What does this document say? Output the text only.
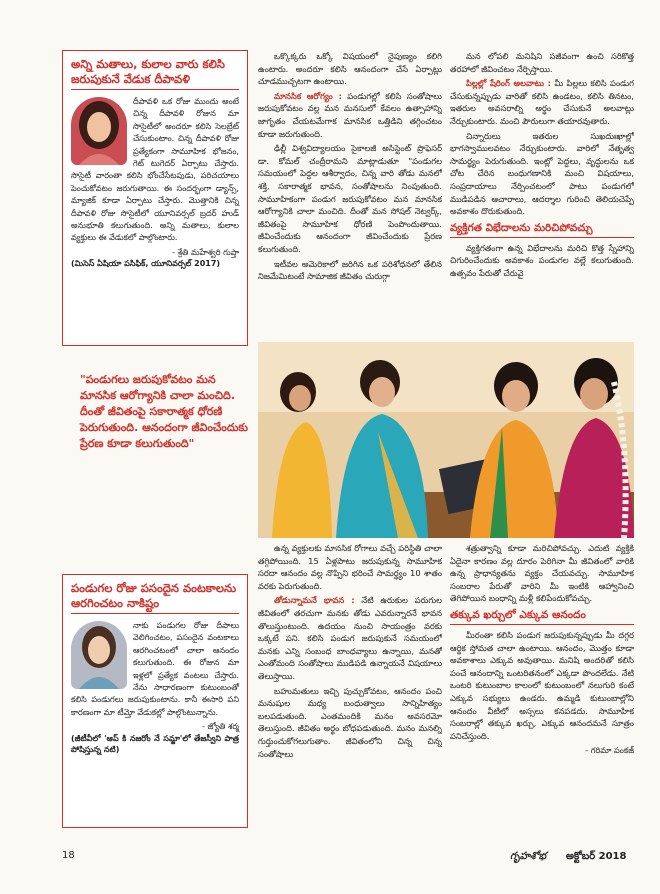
అన్ని మతాలు, కులాల వారు కలిసి జరుపుకునే వేడుక దీపావళి

దీపావళి ఒక రోజు ముందు అంటే చిన్న దీపావళి రోజున మా సొసైటీలో అందరూ కలిసి సెలబ్రేట్ చేసుకుంటాం. చిన్న దీపావళి రోజు ప్రత్యేకంగా సామూహిక భోజనం, గెట్ టుగెదర్ ఏర్పాటు చేస్తారు. సొసైటీ వారంతా కలిసి భోంచేసేటపుడు, పరిచయాలు పెంచుకోవటం జరుగుతాయి. ఈ సందర్భంగా డ్యాన్స్, మ్యాజిక్ కూడా ఏర్పాటు చేస్తారు. మొత్తానికి చిన్న దీపావళి రోజు సొసైటీలో యూనివర్సల్ బ్రదర్ హుడ్ అనుభూతి కలుగుతుంది. అన్ని మతాలు, కులాల వ్యక్తులు ఈ వేడుకలో పాల్గొంటారు.

- శ్రేతి మహేశ్వరి గుప్తా
(మిసెస్ ఏషియా పసిఫిక్, యూనివర్సల్ 2017)
"పండుగలు జరుపుకోవటం మన మానసిక ఆరోగ్యానికి చాలా మంచిది. దీంతో జీవితంపై సకారాత్మక ధోరణి పెరుగుతుంది. ఆనందంగా జీవించేందుకు ప్రేరణ కూడా కలుగుతుంది"
పండుగల రోజు పసందైన వంటకాలను ఆరగించటం నాకిష్టం

నాకు పండుగల రోజు దీపాలు వెలిగించటం, పసందైన వంటకాలు ఆరగించటంలో చాలా ఆనందం కలుగుతుంది. ఈ రోజున మా ఇళ్లలో ప్రత్యేక వంటలు చేస్తారు. నేను సాధారణంగా కుటుంబంతో కలిసి పండుగలు జరుపుకుంటాను. కానీ ఈసారి పని కారణంగా మా టీమ్తో వేడుకల్లో పాల్గొంటున్నాను.

- జ్యోతి శర్మ
(జీటీవీలో 'ఆప్ కి నజరోం నే సమ్జా'లో తేజస్వీని పాత్ర పోషిస్తున్న నటి)

ఒక్కొక్కరు ఒక్కో విషయంలో నైపుణ్యం కలిగి ఉంటారు. అందరూ కలిసి ఆనందంగా చేసే ఏర్పాట్లు చూడముచ్చటగా ఉంటాయి.

మానసిక ఆరోగ్యం : పండుగల్లో కలిసి సంతోషాలు జరుపుకోవటం వల్ల మన మనసులో కేవలం ఉత్సాహాన్ని జాగృతం చేయటమేగాక మానసిక ఒత్తిడిని తగ్గించటం కూడా జరుగుతుంది.

ఢిల్లీ విశ్వవిద్యాలయం సైకాలజీ అసిస్టెంట్ ప్రొఫెసర్ డా. కోమల్ చంద్రీరామని మాట్లాడుతూ "పండుగల సమయంలో పెద్దల ఆశీర్వాదం, చిన్న వారి తోడు మనలో శక్తి, సకారాత్మక భావన, సంతోషాలను నింపుతుంది. సామూహికంగా పండుగ జరుపుకోవటం మన మానసిక ఆరోగ్యానికి చాలా మంచిది. దీంతో మన సోషల్ నెట్వర్క్, జీవితంపై సామూహిక ధోరణి పెంపొందుతాయి. జీవించేందుకు ఆనందంగా జీవించేందుకు ప్రేరణ కలుగుతుంది.

ఇటీవల అమెరికాలో జరిగిన ఒక పరిశోధనలో తేలిన నిజమేమిటంటే సామాజిక జీవితం చురుగ్గా

మన లోపలి మనిషిని సజీవంగా ఉంచి సరికొత్త తరహాలో జీవించటం నేర్పిస్తాయి.

పిల్లల్లో షేరింగ్ అలవాటు : మీ పిల్లలు కలిసి పండుగ చేసుకున్నప్పుడు వారితో కలిసి ఉండటం, కలిసి తినటం, ఇతరుల అవసరాల్ని అర్థం చేసుకునే అలవాట్లు నేర్చుకుంటారు. మంచి పౌరులుగా తయారవుతారు.

చిన్నారులు ఇతరుల సుఖదుఃఖాల్లో భాగస్వాములవటం నేర్చుకుంటారు. వారిలో నేతృత్వ సామర్థ్యం పెరుగుతుంది. ఇంట్లో పెద్దలు, వృద్ధులను ఒక చోట చేరిన బంధుగణానికి మంచి విషయాలు, సంప్రదాయాలు నేర్పించటంలో పాటు పండుగలో ముడిపడిన ఆచారాలు, ఆదర్శాల గురించి తెలియచెప్పే అవకాశం దొరుకుతుంది.

వ్యక్తిగత విభేదాలను మరిచిపోవచ్చు

వ్యక్తిగతంగా ఉన్న విభేదాలను మరిచి కొత్త స్నేహాన్ని చిగురించేందుకు అవకాశం పండుగల వల్లే కలుగుతుంది. ఉత్సవం పేరుతో చేరువై

ఉన్న వ్యక్తులకు మానసిక రోగాలు వచ్చే పరిస్థితి చాలా తగ్గిపోయింది. 15 ఏళ్లపాటు జరుపుకున్న సామూహిక సరదా ఆనందం వల్ల నొప్పిని భరించే సామర్థ్యం 10 శాతం వరకు పెరుగుతుంది.

తోడున్నామనే భావన : నేటి ఉరుకుల పరుగుల జీవితంలో తరచుగా మనకు తోడు ఎవరున్నారనే భావన తొలుస్తుంటుంది. ఉదయం నుంచి సాయంత్రం వరకు ఒక్కటే పని. కలిసి పండుగ జరుపుకునే సమయంలో మనకు ఎన్ని సంబంధ బాంధవ్యాలు ఉన్నాయి, మనతో ఎంతోమంది సంతోషాలు ముడిపడి ఉన్నాయనే విషయాలు తెలుస్తాయి.

బహుమతులు ఇచ్చి పుచ్చుకోవటం, ఆనందం పంచి మనుషుల మధ్య బంధుత్వాలు సాన్నిహిత్యం బలపడుతుంది. ఎంతమందికి మనం అవసరమో తెలుస్తుంది. జీవితం అర్థం బోధపడుతుంది. మనం మనల్ని గుర్తుంచుకోగలుగుతాం. జీవితంలోని చిన్న చిన్న సంతోషాలు

శత్రుత్వాన్ని కూడా మరిచిపోవచ్చు. ఎదుటి వ్యక్తికి ఏదైనా కారణం వల్ల దూరం పెరిగినా మీ జీవితంలో వారికి ఉన్న ప్రాధాన్యతను వ్యక్తం చేయవచ్చు. సామూహిక సంబరాల పేరుతో వారిని మీ ఇంటికి ఆహ్వానించి తెగిపోయిన బంధాన్ని మళ్లీ కలిపేందుకోవచ్చు.

తక్కువ ఖర్చులో ఎక్కువ ఆనందం

మీరంతా కలిసి పండుగ జరుపుకున్నప్పుడు మీ దగ్గర ఆర్థిక స్తోమత చాలా ఉంటాయి. ఆనందం, మొత్తం కూడా అవకాశాలు ఎక్కువ అవుతాయి. మనిషి అందరితో కలిసి పంచే ఆనందాన్ని ఒంటరితనంలో ఎక్కడా పొందలేడు. నేటి ఒంటరి కుటుంబాల కాలంలో కుటుంబంలో నలుగురి కంటే ఎక్కువ సభ్యులు ఉండరు. ఉమ్మడి కుటుంబాల్లోని ఆనందం వీటిలో అస్సలు కనపడదు. సామూహిక సంబరాల్లో తక్కువ ఖర్చు, ఎక్కువ ఆనందమనే సూత్రం పనిచేస్తుంది.

- గరిమా పంకజ్
18	గృహశోభ అక్టోబర్ 2018
